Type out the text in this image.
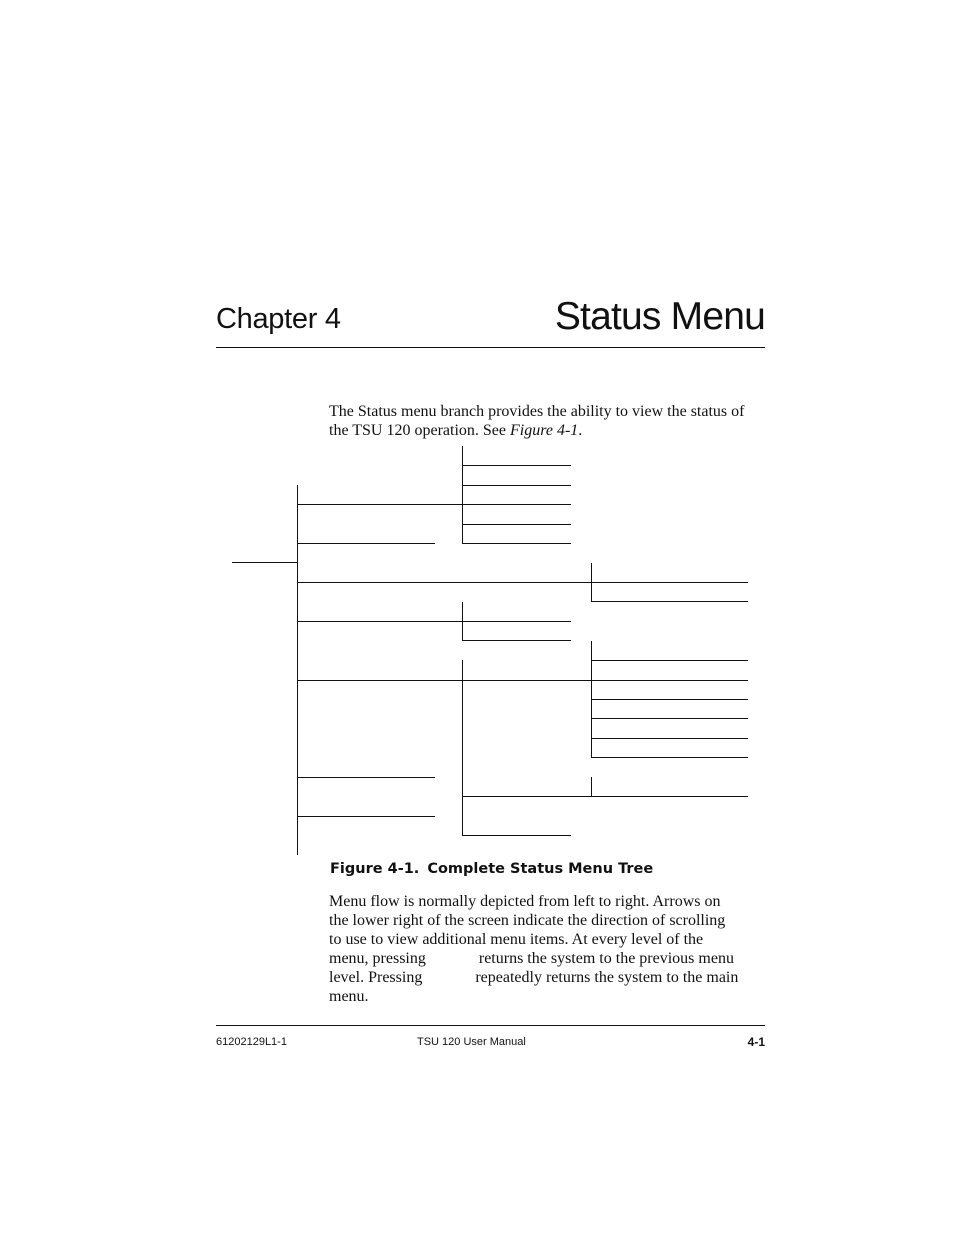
Chapter 4	Status Menu

The Status menu branch provides the ability to view the status of the TSU 120 operation. See Figure 4-1.

Figure 4-1. Complete Status Menu Tree
Menu flow is normally depicted from left to right. Arrows on
the lower right of the screen indicate the direction of scrolling
to use to view additional menu items. At every level of the
menu, pressing	returns the system to the previous menu
level. Pressing	repeatedly returns the system to the main
menu.
61202129L1-1	TSU 120 User Manual	4-1
